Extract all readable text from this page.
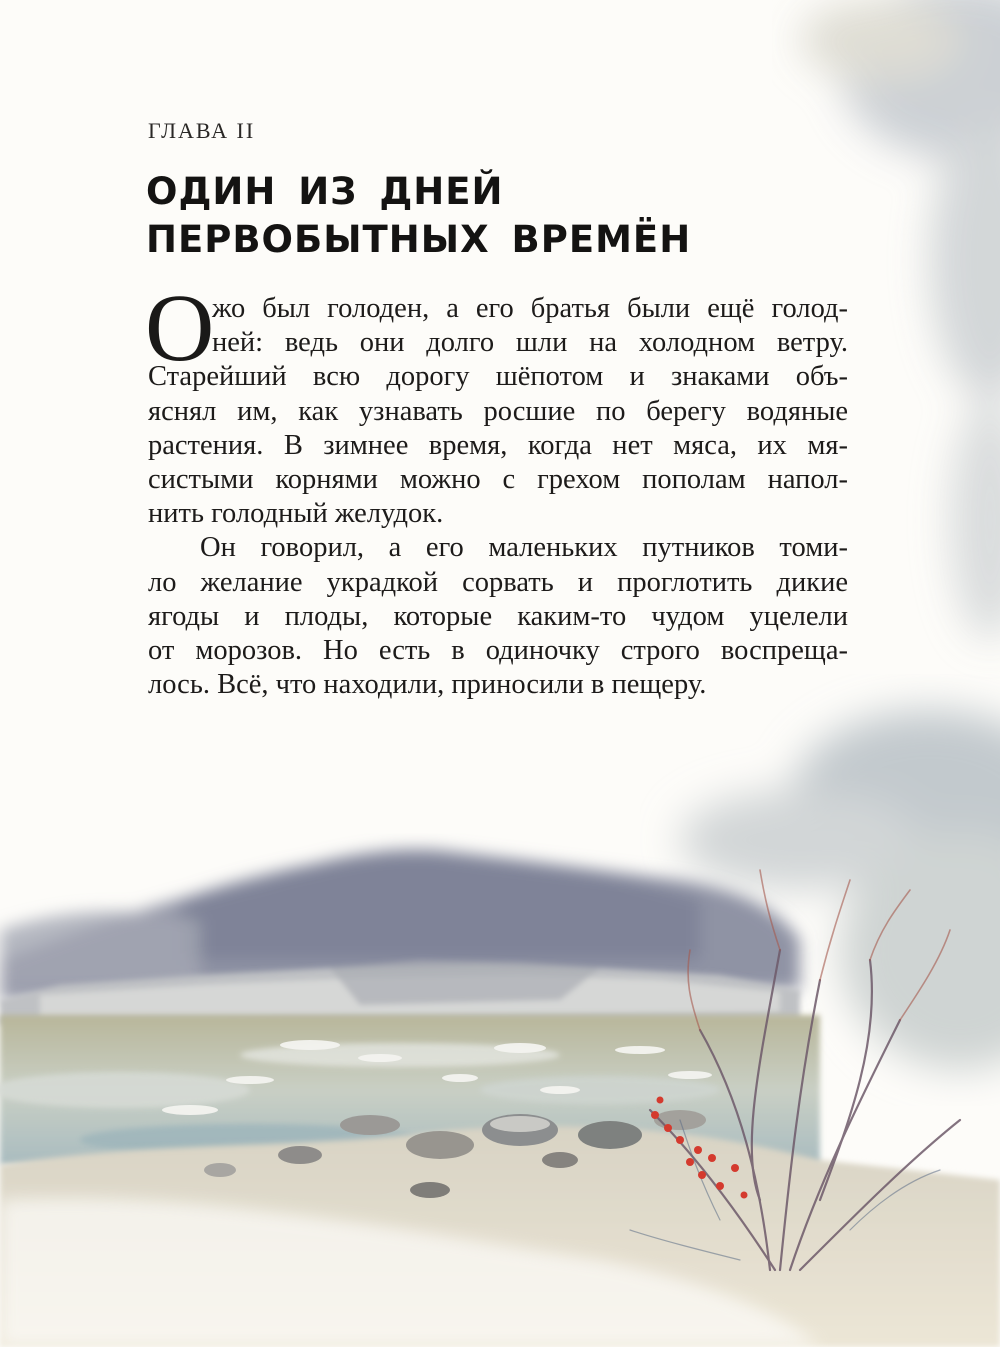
ГЛАВА II
ОДИН ИЗ ДНЕЙ
ПЕРВОБЫТНЫХ ВРЕМЁН
О
жо был голоден, а его братья были ещё голод-
ней: ведь они долго шли на холодном ветру.
Старейший всю дорогу шёпотом и знаками объ-
яснял им, как узнавать росшие по берегу водяные
растения. В зимнее время, когда нет мяса, их мя-
систыми корнями можно с грехом пополам напол-
нить голодный желудок.
Он говорил, а его маленьких путников томи-
ло желание украдкой сорвать и проглотить дикие
ягоды и плоды, которые каким-то чудом уцелели
от морозов. Но есть в одиночку строго воспреща-
лось. Всё, что находили, приносили в пещеру.
